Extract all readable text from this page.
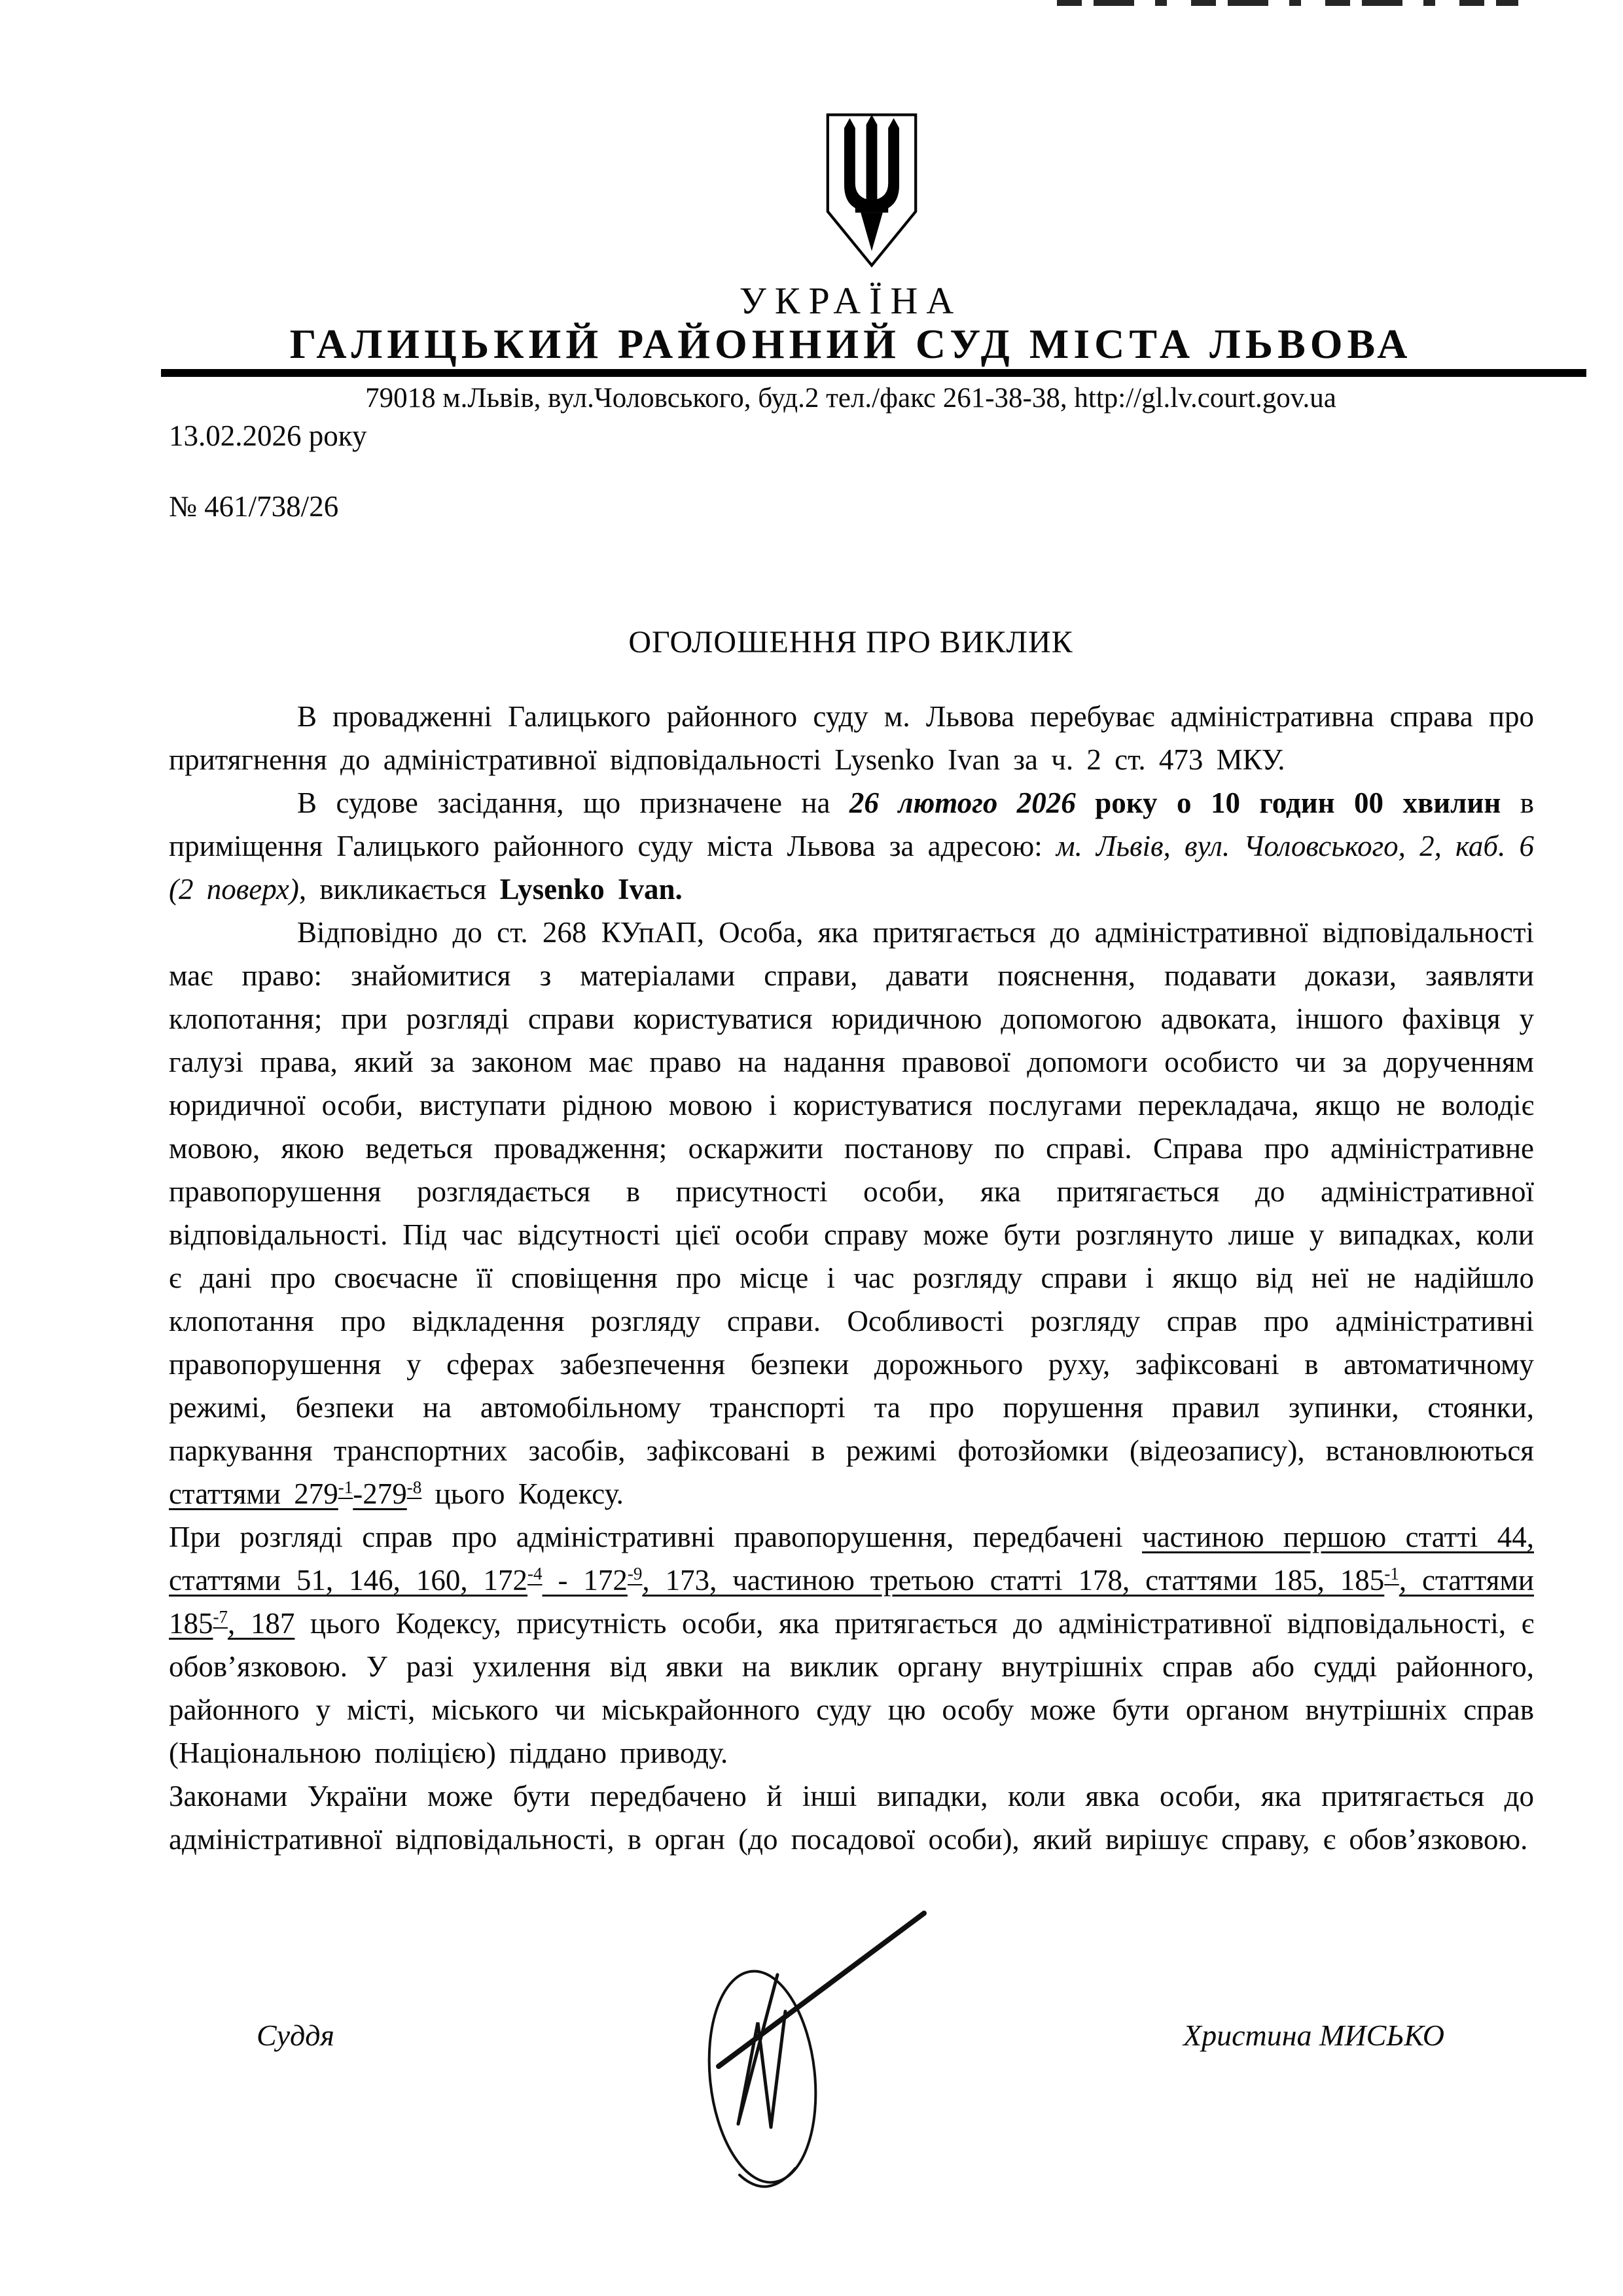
УКРАЇНА
ГАЛИЦЬКИЙ РАЙОННИЙ СУД МІСТА ЛЬВОВА
79018 м.Львів, вул.Чоловського, буд.2 тел./факс 261-38-38, http://gl.lv.court.gov.ua
13.02.2026 року
№ 461/738/26
ОГОЛОШЕННЯ ПРО ВИКЛИК

В провадженні Галицького районного суду м. Львова перебуває адміністративна справа про притягнення до адміністративної відповідальності Lysenko Ivan за ч. 2 ст. 473 МКУ.

В судове засідання, що призначене на 26 лютого 2026 року о 10 годин 00 хвилин в приміщення Галицького районного суду міста Львова за адресою: м. Львів, вул. Чоловського, 2, каб. 6 (2 поверх), викликається Lysenko Ivan.

Відповідно до ст. 268 КУпАП, Особа, яка притягається до адміністративної відповідальності має право: знайомитися з матеріалами справи, давати пояснення, подавати докази, заявляти клопотання; при розгляді справи користуватися юридичною допомогою адвоката, іншого фахівця у галузі права, який за законом має право на надання правової допомоги особисто чи за дорученням юридичної особи, виступати рідною мовою і користуватися послугами перекладача, якщо не володіє мовою, якою ведеться провадження; оскаржити постанову по справі. Справа про адміністративне правопорушення розглядається в присутності особи, яка притягається до адміністративної відповідальності. Під час відсутності цієї особи справу може бути розглянуто лише у випадках, коли є дані про своєчасне її сповіщення про місце і час розгляду справи і якщо від неї не надійшло клопотання про відкладення розгляду справи. Особливості розгляду справ про адміністративні правопорушення у сферах забезпечення безпеки дорожнього руху, зафіксовані в автоматичному режимі, безпеки на автомобільному транспорті та про порушення правил зупинки, стоянки, паркування транспортних засобів, зафіксовані в режимі фотозйомки (відеозапису), встановлюються статтями $279^{-1}-279^{-8}$ цього Кодексу.

При розгляді справ про адміністративні правопорушення, передбачені частиною першою статті 44, статтями 51, 146, 160, $172^{-4} - 172^{-9}$, 173, частиною третьою статті 178, статтями 185, $185^{-1}$, статтями $185^{-7}$, 187 цього Кодексу, присутність особи, яка притягається до адміністративної відповідальності, є обов’язковою. У разі ухилення від явки на виклик органу внутрішніх справ або судді районного, районного у місті, міського чи міськрайонного суду цю особу може бути органом внутрішніх справ (Національною поліцією) піддано приводу.

Законами України може бути передбачено й інші випадки, коли явка особи, яка притягається до адміністративної відповідальності, в орган (до посадової особи), який вирішує справу, є обов’язковою.

Суддя	Христина МИСЬКО
